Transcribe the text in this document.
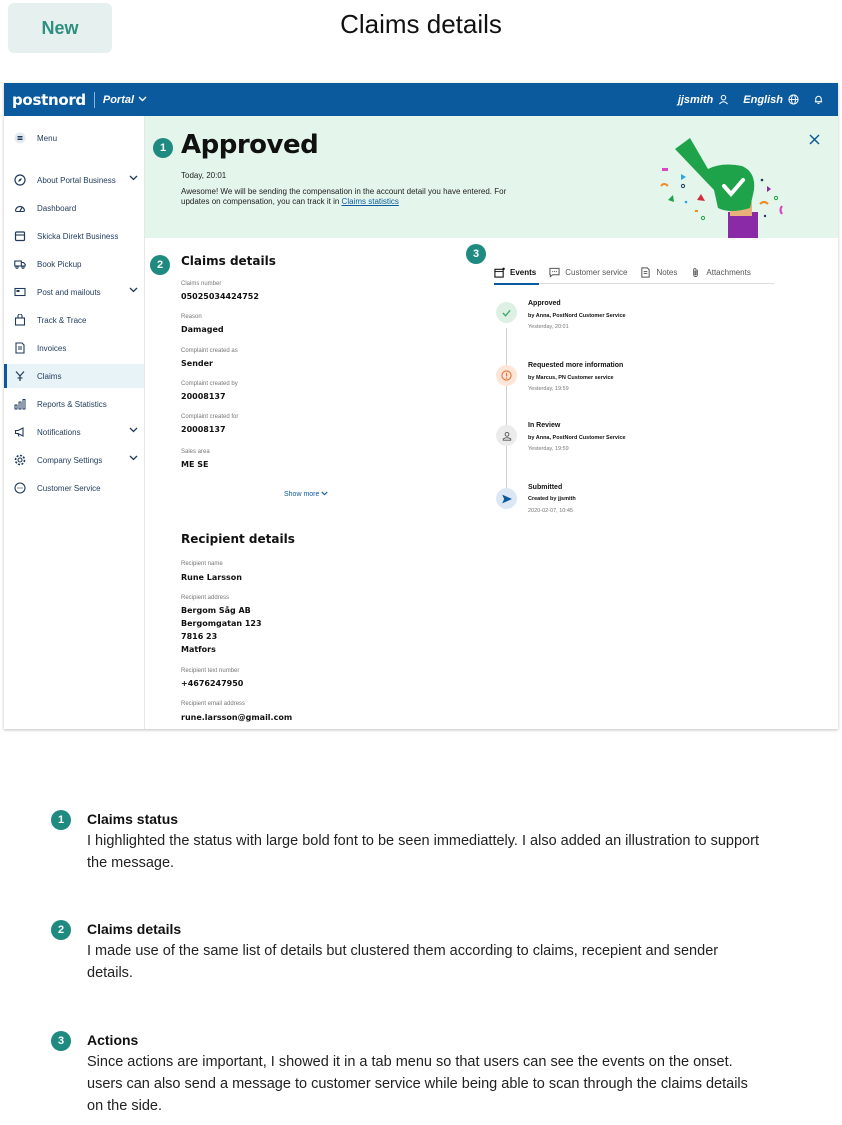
New	Claims details
postnord Portal	jjsmith	English
Menu
About Portal Business
Dashboard
Skicka Direkt Business
Book Pickup
Post and mailouts
Track & Trace
Invoices
Claims
Reports & Statistics
Notifications
Company Settings
Customer Service
1 Approved
Today, 20:01
Awesome! We will be sending the compensation in the account detail you have entered. For updates on compensation, you can track it in Claims statistics
2	Claims details
Claims number
05025034424752
Reason
Damaged
Complaint created as
Sender
Complaint created by
20008137
Complaint created for
20008137
Sales area
ME SE
Show more
Recipient details
Recipient name
Rune Larsson
Recipient address
Bergom Såg AB
Bergomgatan 123
7816 23
Matfors
Recipient text number
+4676247950
Recipient email address
rune.larsson@gmail.com
3
Events	Customer service	Notes	Attachments
Approved
by Anna, PostNord Customer Service
Yesterday, 20:01
Requested more information
by Marcus, PN Customer service
Yesterday, 19:59
In Review
by Anna, PostNord Customer Service
Yesterday, 19:59
Submitted
Created by jjsmith
2020-02-07, 10:45
1	Claims status
I highlighted the status with large bold font to be seen immediattely. I also added an illustration to support the message.
2	Claims details
I made use of the same list of details but clustered them according to claims, recepient and sender details.
3	Actions
Since actions are important, I showed it in a tab menu so that users can see the events on the onset. users can also send a message to customer service while being able to scan through the claims details on the side.
